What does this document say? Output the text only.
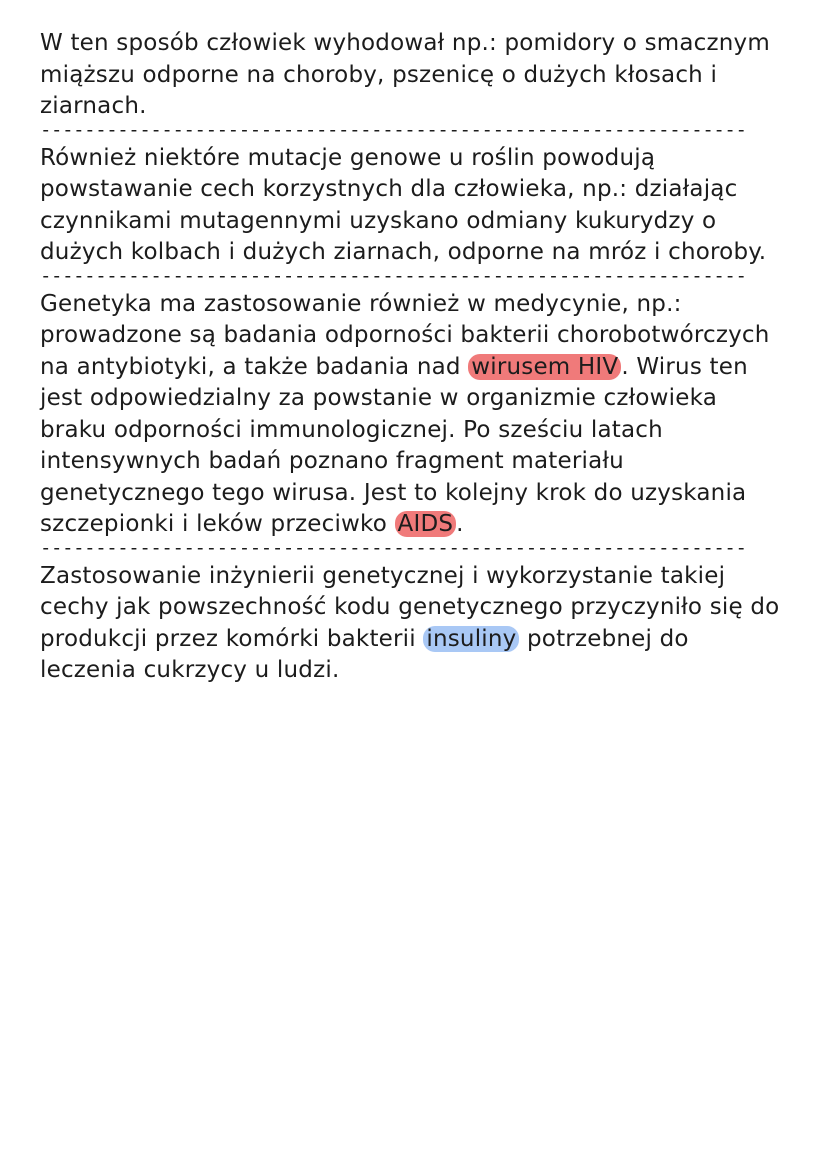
W ten sposób człowiek wyhodował np.: pomidory o smacznym miąższu odporne na choroby, pszenicę o dużych kłosach i ziarnach.

----------------------------------------------------------------

Również niektóre mutacje genowe u roślin powodują powstawanie cech korzystnych dla człowieka, np.: działając czynnikami mutagennymi uzyskano odmiany kukurydzy o dużych kolbach i dużych ziarnach, odporne na mróz i choroby.

----------------------------------------------------------------

Genetyka ma zastosowanie również w medycynie, np.: prowadzone są badania odporności bakterii chorobotwórczych na antybiotyki, a także badania nad wirusem HIV . Wirus ten jest odpowiedzialny za powstanie w organizmie człowieka braku odporności immunologicznej. Po sześciu latach intensywnych badań poznano fragment materiału genetycznego tego wirusa. Jest to kolejny krok do uzyskania szczepionki i leków przeciwko AIDS .

----------------------------------------------------------------

Zastosowanie inżynierii genetycznej i wykorzystanie takiej cechy jak powszechność kodu genetycznego przyczyniło się do produkcji przez komórki bakterii insuliny potrzebnej do leczenia cukrzycy u ludzi.
